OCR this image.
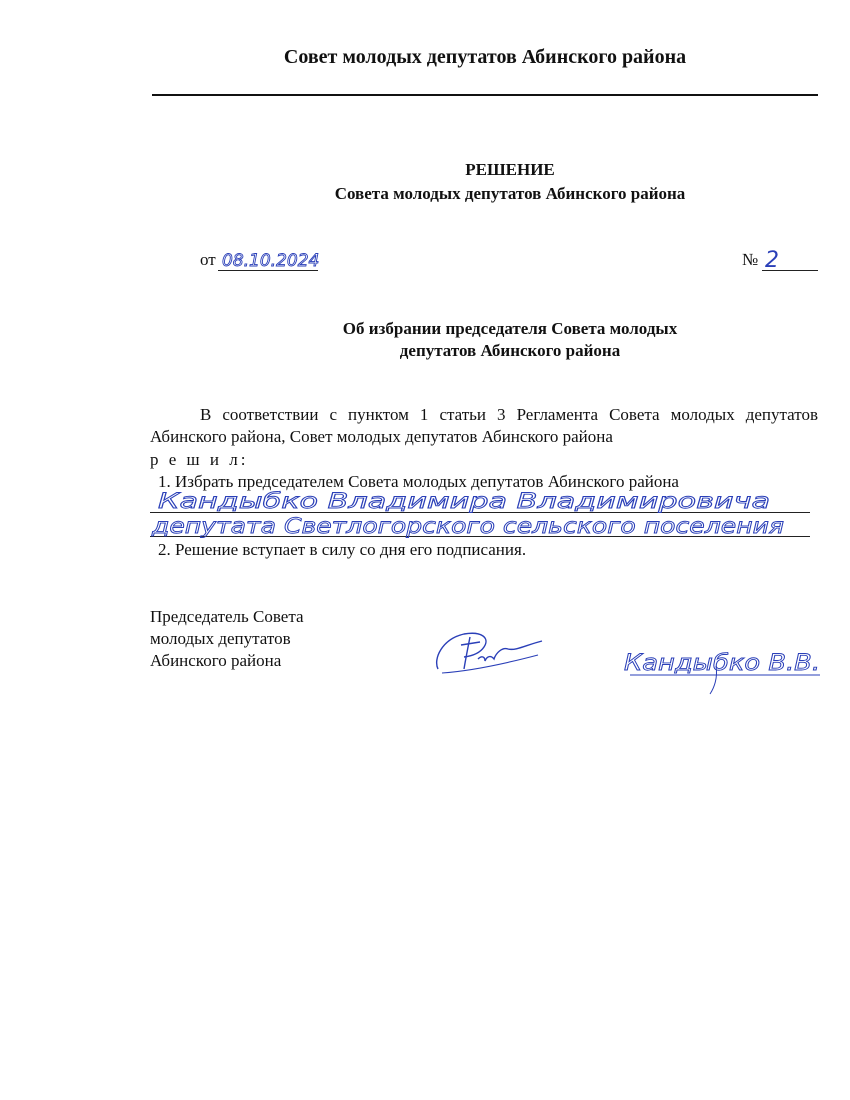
Совет молодых депутатов Абинского района
РЕШЕНИЕ
Совета молодых депутатов Абинского района
от 08.10.2024	№ 2
Об избрании председателя Совета молодых
депутатов Абинского района

В соответствии с пунктом 1 статьи 3 Регламента Совета молодых депутатов Абинского района, Совет молодых депутатов Абинского района

р е ш и л:
1. Избрать председателем Совета молодых депутатов Абинского района
Кандыбко Владимира Владимировича
депутата Светлогорского сельского поселения
2. Решение вступает в силу со дня его подписания.
Председатель Совета
молодых депутатов
Абинского района	Кандыбко В.В.
